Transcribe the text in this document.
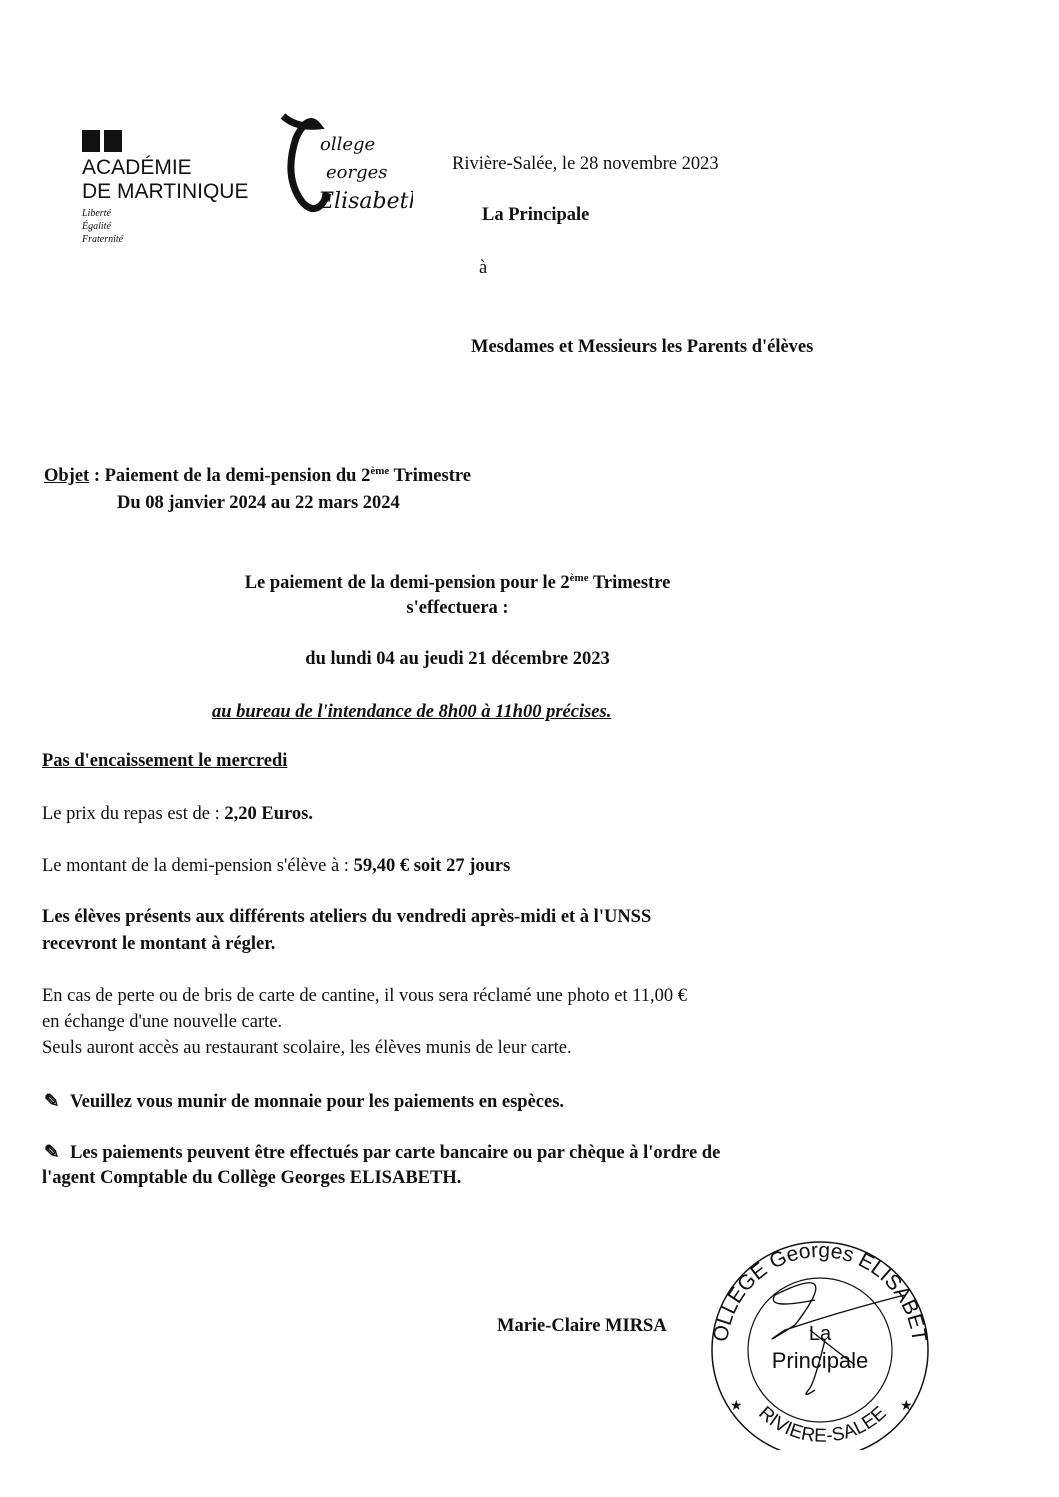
ACADÉMIE
DE MARTINIQUE
Liberté
Égalité
Fraternité
ollege
eorges
Elisabeth
Rivière-Salée, le 28 novembre 2023
La Principale
à
Mesdames et Messieurs les Parents d'élèves
Objet : Paiement de la demi-pension du 2ème Trimestre
Du 08 janvier 2024 au 22 mars 2024
Le paiement de la demi-pension pour le 2ème Trimestre
s'effectuera :
du lundi 04 au jeudi 21 décembre 2023
au bureau de l'intendance de 8h00 à 11h00 précises.
Pas d'encaissement le mercredi
Le prix du repas est de : 2,20 Euros.
Le montant de la demi-pension s'élève à : 59,40 € soit 27 jours
Les élèves présents aux différents ateliers du vendredi après-midi et à l'UNSS
recevront le montant à régler.
En cas de perte ou de bris de carte de cantine, il vous sera réclamé une photo et 11,00 €
en échange d'une nouvelle carte.
Seuls auront accès au restaurant scolaire, les élèves munis de leur carte.
✎ Veuillez vous munir de monnaie pour les paiements en espèces.
✎ Les paiements peuvent être effectués par carte bancaire ou par chèque à l'ordre de
l'agent Comptable du Collège Georges ELISABETH.
Marie-Claire MIRSA	OLLEGE Georges ELISABET
RIVIERE-SALEE
★	★
La
Principale
